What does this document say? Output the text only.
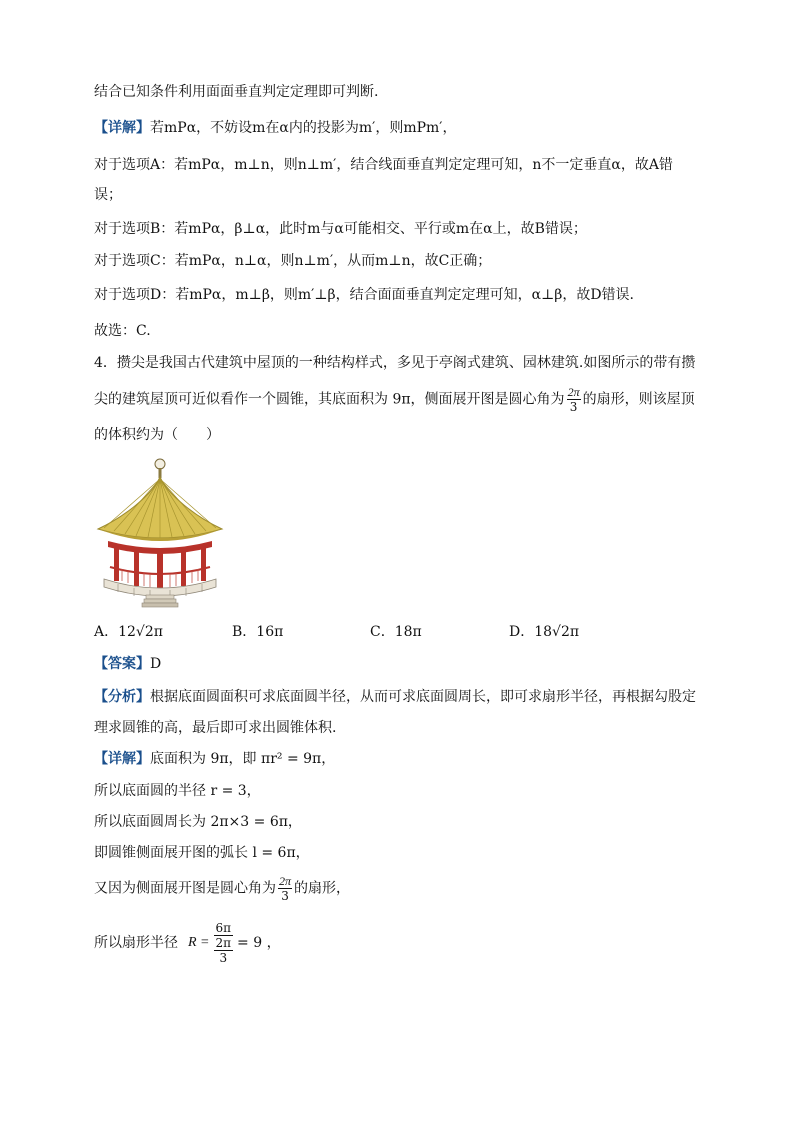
结合已知条件利用面面垂直判定定理即可判断.
【详解】若mPα，不妨设m在α内的投影为m′，则mPm′，
对于选项A：若mPα，m⊥n，则n⊥m′，结合线面垂直判定定理可知，n不一定垂直α，故A错
误；
对于选项B：若mPα，β⊥α，此时m与α可能相交、平行或m在α上，故B错误；
对于选项C：若mPα，n⊥α，则n⊥m′，从而m⊥n，故C正确；
对于选项D：若mPα，m⊥β，则m′⊥β，结合面面垂直判定定理可知，α⊥β，故D错误.
故选：C.
4．攒尖是我国古代建筑中屋顶的一种结构样式，多见于亭阁式建筑、园林建筑.如图所示的带有攒
尖的建筑屋顶可近似看作一个圆锥，其底面积为 9π，侧面展开图是圆心角为 $\frac{2\pi}{3}$ 的扇形，则该屋顶
的体积约为（　　）
A．12√2π	B．16π	C．18π	D．18√2π
【答案】D
【分析】根据底面圆面积可求底面圆半径，从而可求底面圆周长，即可求扇形半径，再根据勾股定
理求圆锥的高，最后即可求出圆锥体积.
【详解】底面积为 9π，即 πr² = 9π，
所以底面圆的半径 r = 3，
所以底面圆周长为 2π×3 = 6π，
即圆锥侧面展开图的弧长 l = 6π，
又因为侧面展开图是圆心角为 $\frac{2\pi}{3}$ 的扇形，
所以扇形半径 R =
6π
2π
3
= 9 ，
